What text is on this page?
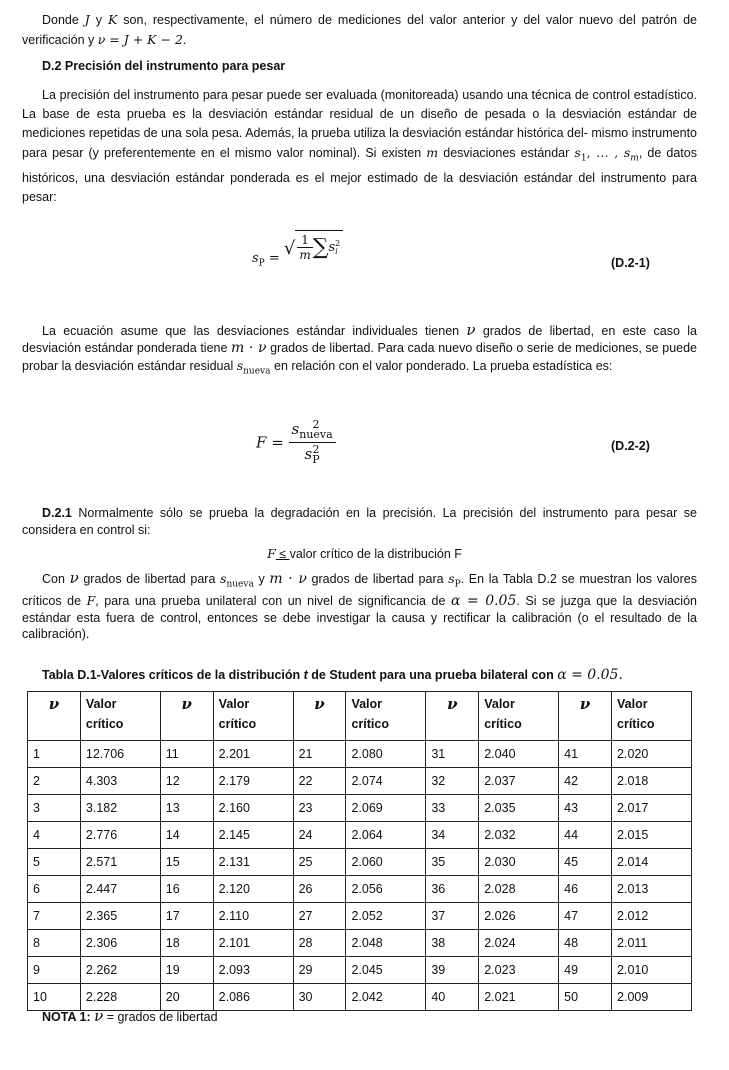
Donde J y K son, respectivamente, el número de mediciones del valor anterior y del valor nuevo del patrón de verificación y ν = J + K − 2.
D.2 Precisión del instrumento para pesar
La precisión del instrumento para pesar puede ser evaluada (monitoreada) usando una técnica de control estadístico. La base de esta prueba es la desviación estándar residual de un diseño de pesada o la desviación estándar de mediciones repetidas de una sola pesa. Además, la prueba utiliza la desviación estándar histórica del- mismo instrumento para pesar (y preferentemente en el mismo valor nominal). Si existen m desviaciones estándar $s_1$, … , $s_m$, de datos históricos, una desviación estándar ponderada es el mejor estimado de la desviación estándar del instrumento para pesar:
$s_P$ = √ $\frac{1}{m} \sum s$ 2
i
(D.2-1)
La ecuación asume que las desviaciones estándar individuales tienen ν grados de libertad, en este caso la desviación estándar ponderada tiene m · ν grados de libertad. Para cada nuevo diseño o serie de mediciones, se puede probar la desviación estándar residual $s_{nueva}$ en relación con el valor ponderado. La prueba estadística es:
F = s	2
nueva
s 2
P	(D.2-2)
D.2.1 Normalmente sólo se prueba la degradación en la precisión. La precisión del instrumento para pesar se considera en control si:
F ≤ valor crítico de la distribución F
Con ν grados de libertad para $s_{nueva}$ y m · ν grados de libertad para $s_P$. En la Tabla D.2 se muestran los valores críticos de F, para una prueba unilateral con un nivel de significancia de α = 0.05. Si se juzga que la desviación estándar esta fuera de control, entonces se debe investigar la causa y rectificar la calibración (o el resultado de la calibración).
Tabla D.1-Valores críticos de la distribución t de Student para una prueba bilateral con α = 0.05.
ν	Valor
crítico	ν	Valor
crítico	ν	Valor
crítico	ν	Valor
crítico	ν	Valor
crítico

1	12.706	11	2.201	21	2.080	31	2.040	41	2.020
2	4.303	12	2.179	22	2.074	32	2.037	42	2.018
3	3.182	13	2.160	23	2.069	33	2.035	43	2.017
4	2.776	14	2.145	24	2.064	34	2.032	44	2.015
5	2.571	15	2.131	25	2.060	35	2.030	45	2.014
6	2.447	16	2.120	26	2.056	36	2.028	46	2.013
7	2.365	17	2.110	27	2.052	37	2.026	47	2.012
8	2.306	18	2.101	28	2.048	38	2.024	48	2.011
9	2.262	19	2.093	29	2.045	39	2.023	49	2.010
10	2.228	20	2.086	30	2.042	40	2.021	50	2.009
NOTA 1: ν = grados de libertad
